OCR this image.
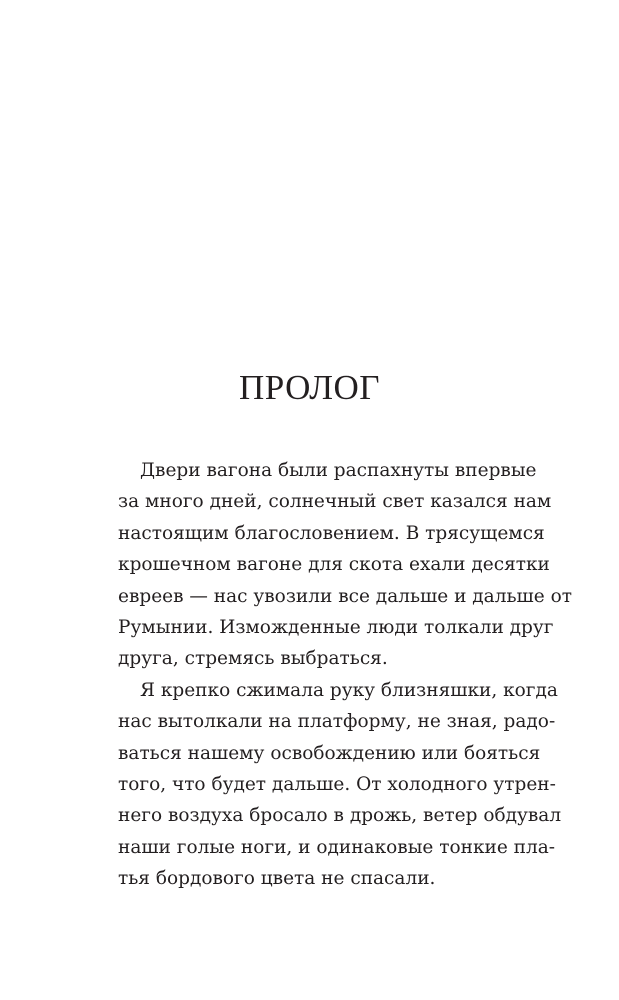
ПРОЛОГ
Двери вагона были распахнуты впервые
за много дней, солнечный свет казался нам
настоящим благословением. В трясущемся
крошечном вагоне для скота ехали десятки
евреев — нас увозили все дальше и дальше от
Румынии. Изможденные люди толкали друг
друга, стремясь выбраться.
Я крепко сжимала руку близняшки, когда
нас вытолкали на платформу, не зная, радо-
ваться нашему освобождению или бояться
того, что будет дальше. От холодного утрен-
него воздуха бросало в дрожь, ветер обдувал
наши голые ноги, и одинаковые тонкие пла-
тья бордового цвета не спасали.
